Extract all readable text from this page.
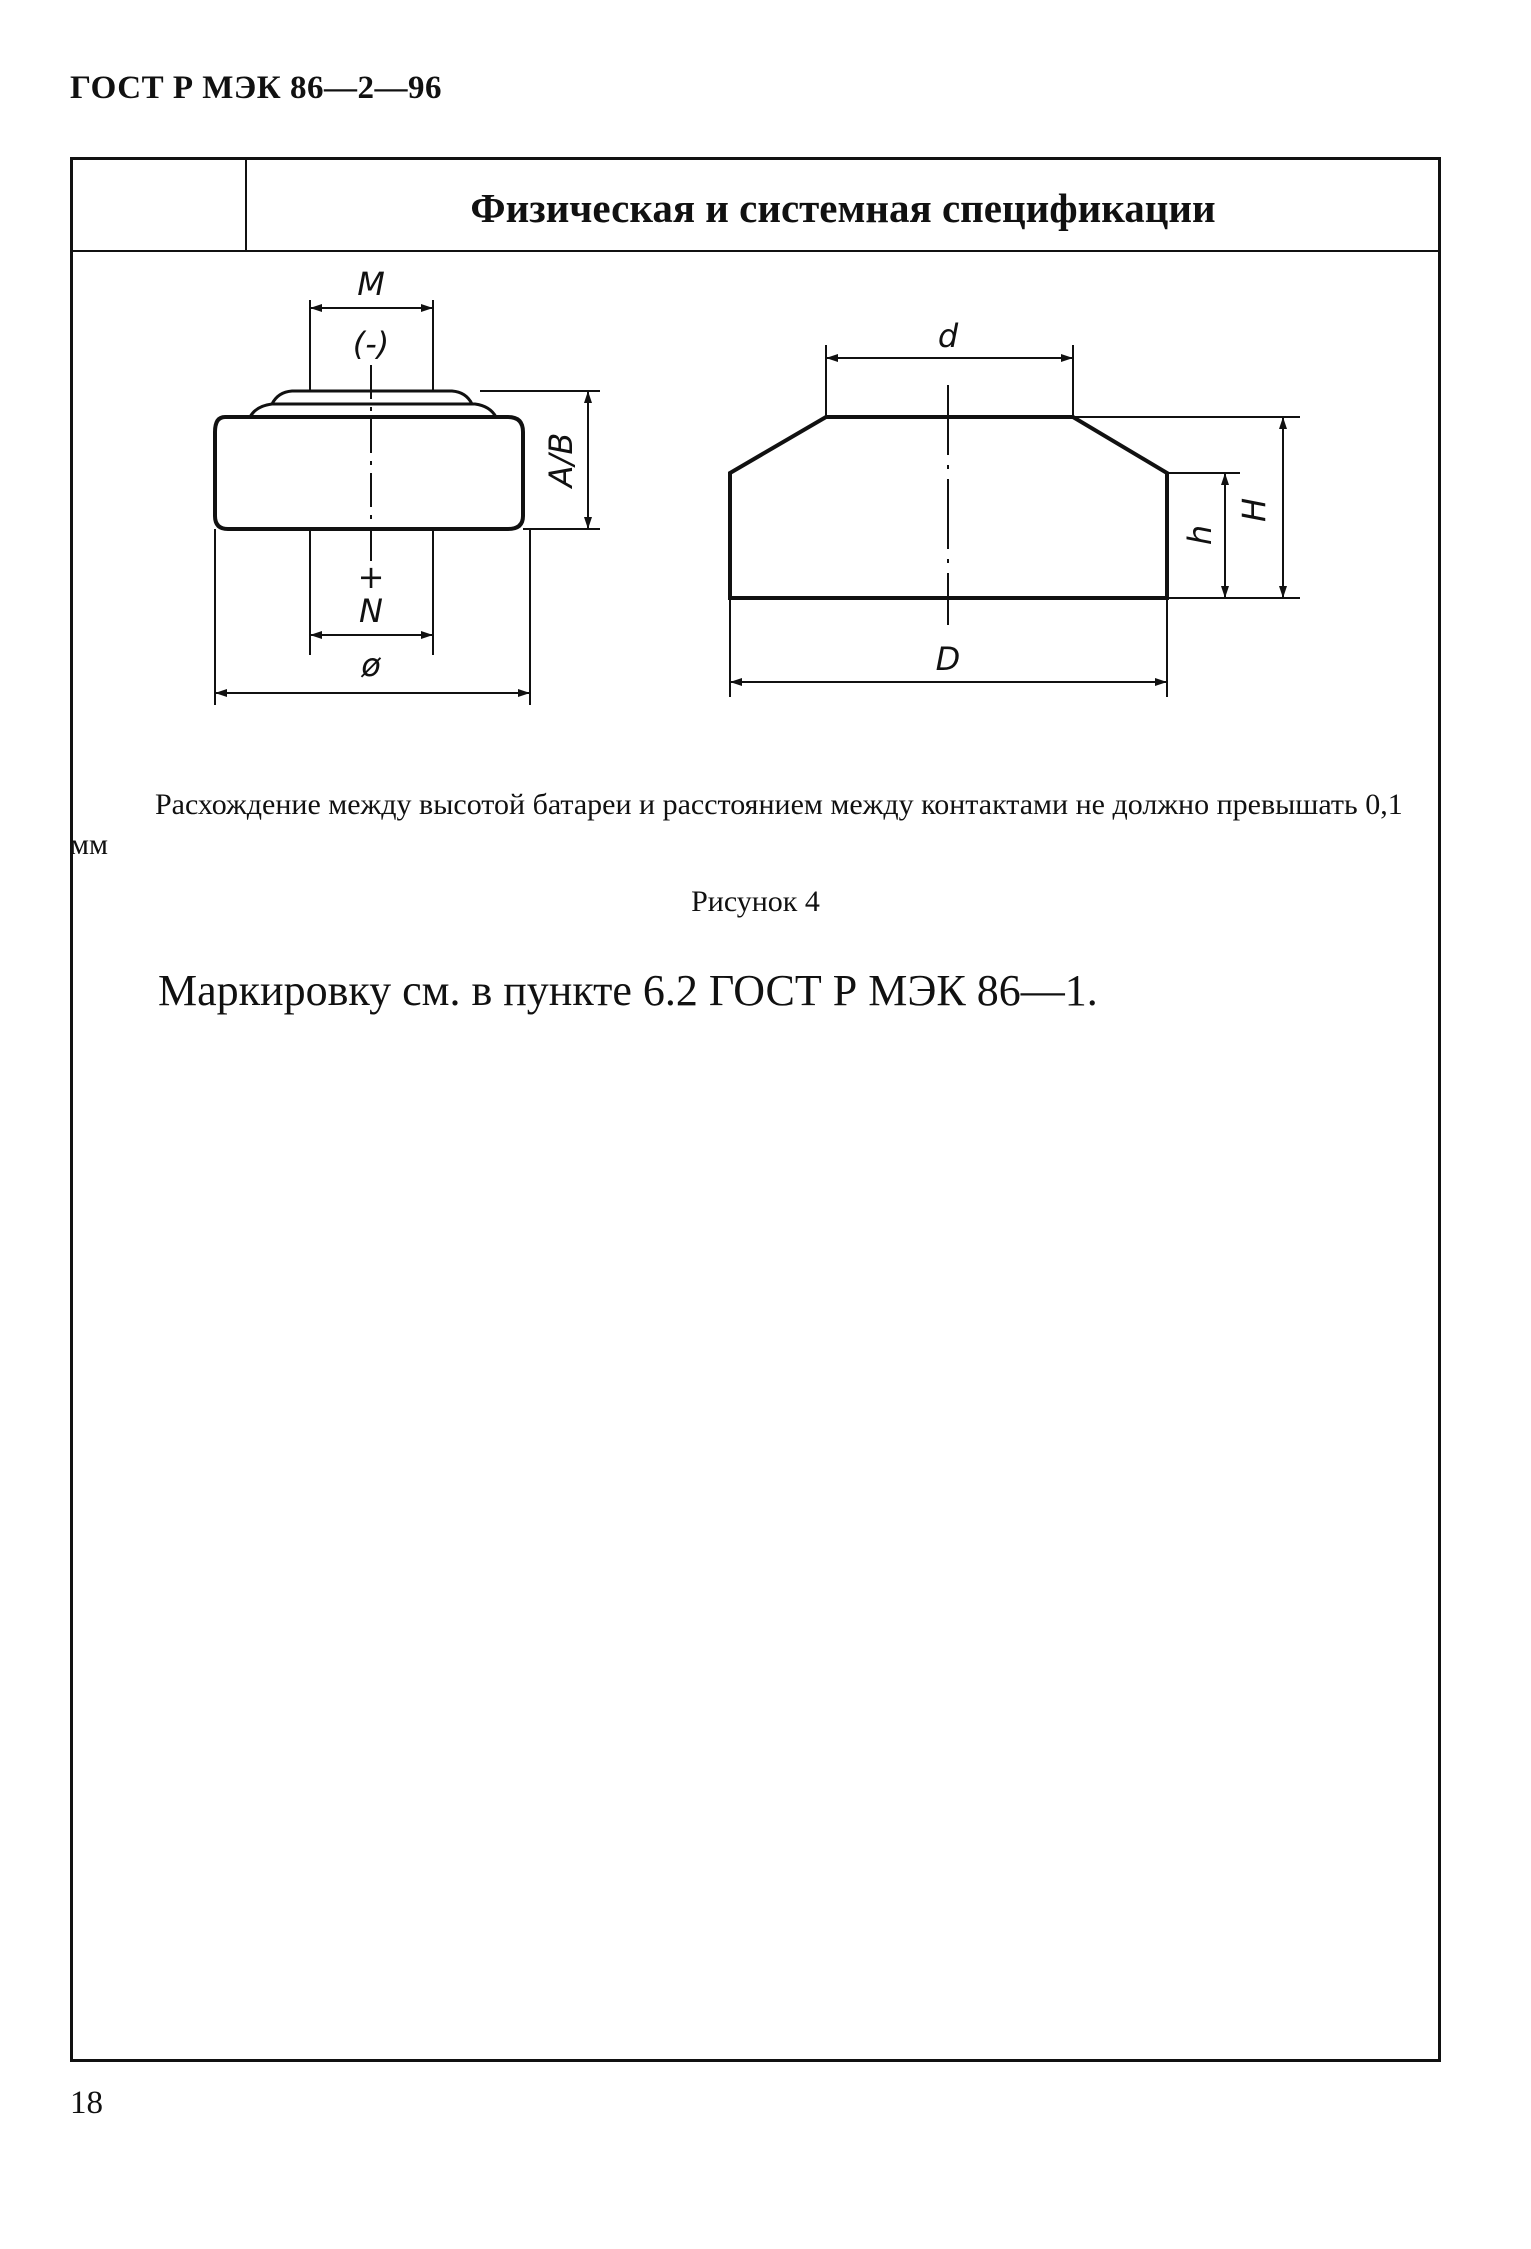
ГОСТ Р МЭК 86—2—96
Физическая и системная спецификации
M
(-)
A/B
+
N
ø
d
h
H
D
Расхождение между высотой батареи и расстоянием между контактами не должно превышать 0,1 мм
Рисунок 4
Маркировку см. в пункте 6.2 ГОСТ Р МЭК 86—1.
18
